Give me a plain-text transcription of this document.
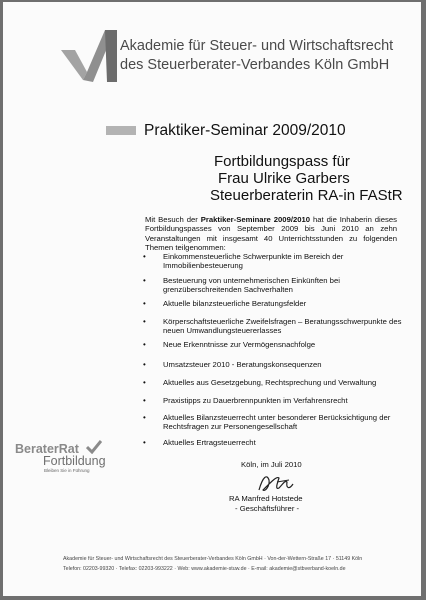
Akademie für Steuer- und Wirtschaftsrecht
des Steuerberater-Verbandes Köln GmbH
Praktiker-Seminar 2009/2010
Fortbildungspass für
Frau Ulrike Garbers
Steuerberaterin RA-in FAStR
Mit Besuch der Praktiker-Seminare 2009/2010 hat die Inhaberin dieses Fortbildungspasses von September 2009 bis Juni 2010 an zehn Veranstaltungen mit insgesamt 40 Unterrichtsstunden zu folgenden Themen teilgenommen:
• Einkommensteuerliche Schwerpunkte im Bereich der Immobilienbesteuerung
• Besteuerung von unternehmerischen Einkünften bei grenzüberschreitenden Sachverhalten
• Aktuelle bilanzsteuerliche Beratungsfelder
• Körperschaftsteuerliche Zweifelsfragen – Beratungsschwerpunkte des neuen Umwandlungsteuererlasses
• Neue Erkenntnisse zur Vermögensnachfolge
• Umsatzsteuer 2010 - Beratungskonsequenzen
• Aktuelles aus Gesetzgebung, Rechtsprechung und Verwaltung
• Praxistipps zu Dauerbrennpunkten im Verfahrensrecht
• Aktuelles Bilanzsteuerrecht unter besonderer Berücksichtigung der Rechtsfragen zur Personengesellschaft
• Aktuelles Ertragsteuerrecht
BeraterRat
Fortbildung
Bleiben Sie in Führung
Köln, im Juli 2010
RA Manfred Hotstede
- Geschäftsführer -
Akademie für Steuer- und Wirtschaftsrecht des Steuerberater-Verbandes Köln GmbH · Von-der-Wettern-Straße 17 · 51149 Köln
Telefon: 02203-99320 · Telefax: 02203-993222 · Web: www.akademie-stuw.de · E-mail: akademie@stbverband-koeln.de
